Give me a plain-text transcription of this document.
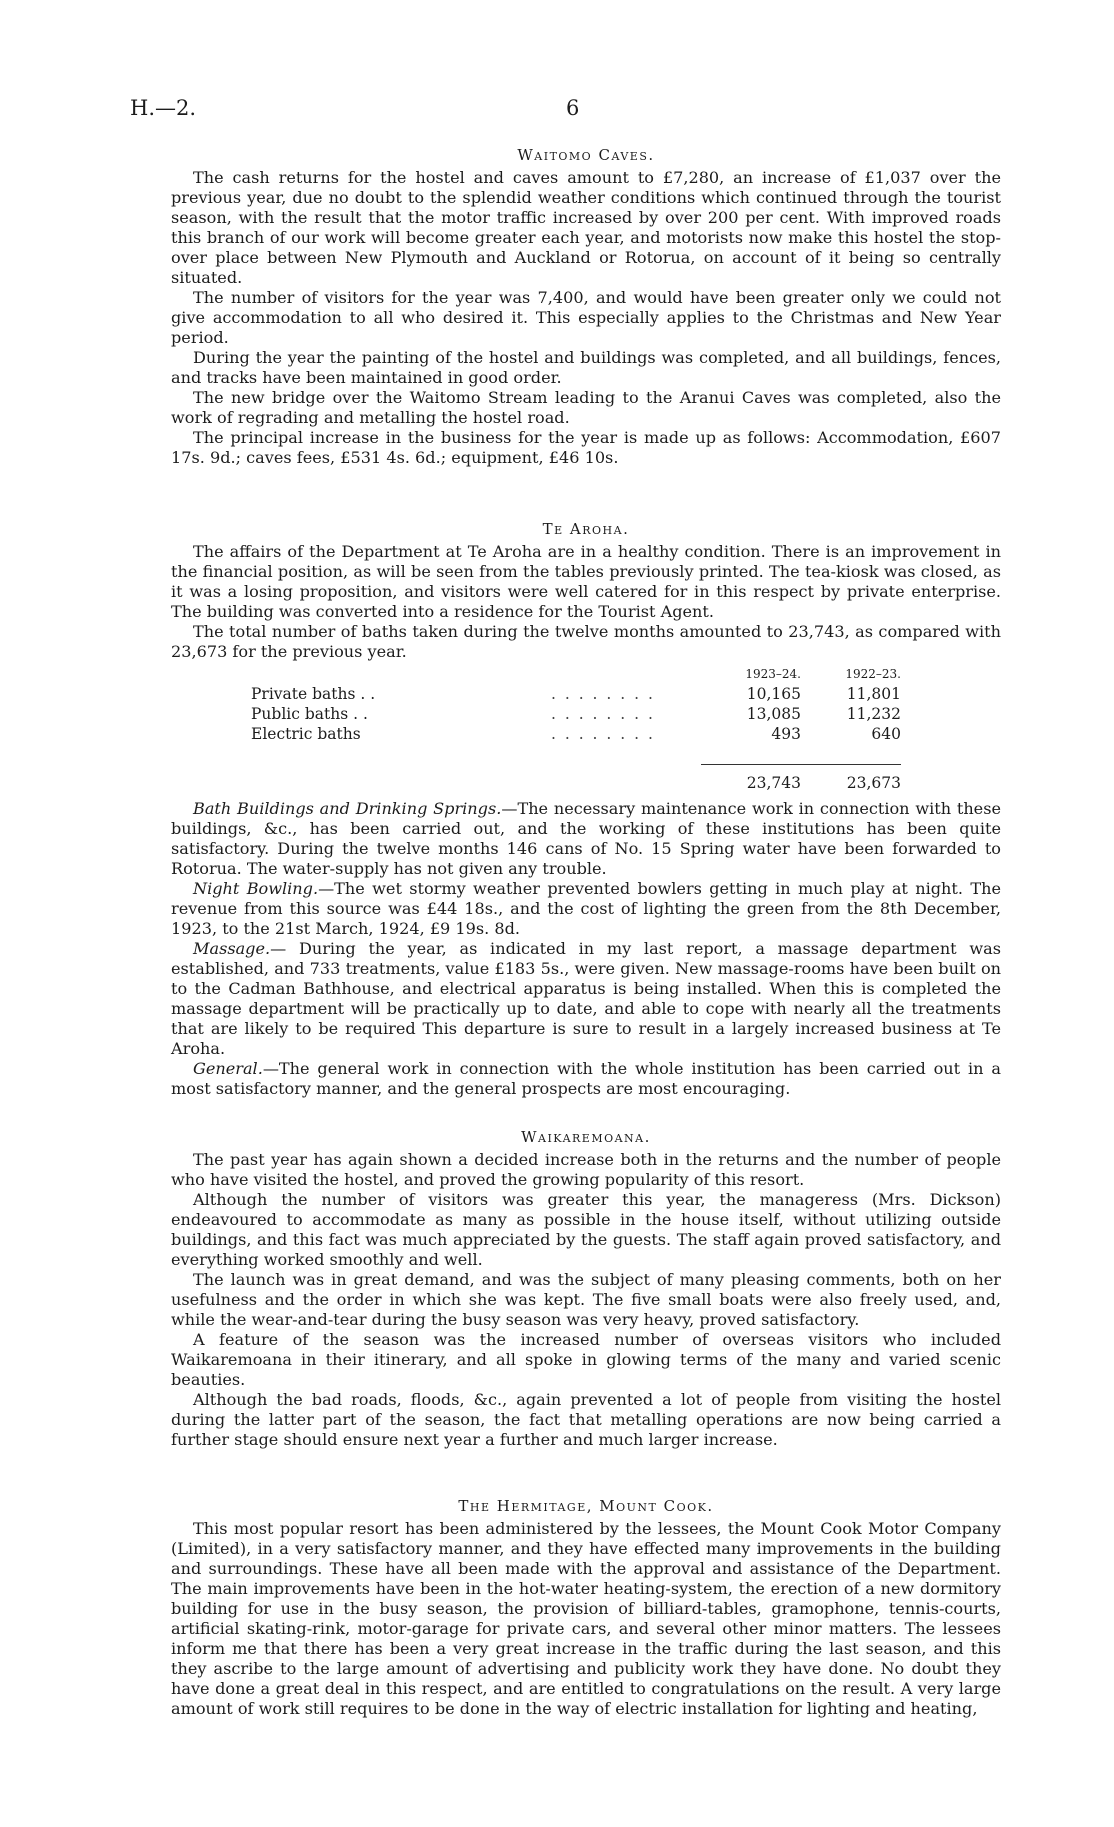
H.—2.	6
Waitomo Caves.

The cash returns for the hostel and caves amount to £7,280, an increase of £1,037 over the previous year, due no doubt to the splendid weather conditions which continued through the tourist season, with the result that the motor traffic increased by over 200 per cent. With improved roads this branch of our work will become greater each year, and motorists now make this hostel the stop-over place between New Plymouth and Auckland or Rotorua, on account of it being so centrally situated.

The number of visitors for the year was 7,400, and would have been greater only we could not give accommodation to all who desired it. This especially applies to the Christmas and New Year period.

During the year the painting of the hostel and buildings was completed, and all buildings, fences, and tracks have been maintained in good order.

The new bridge over the Waitomo Stream leading to the Aranui Caves was completed, also the work of regrading and metalling the hostel road.

The principal increase in the business for the year is made up as follows: Accommodation, £607 17s. 9d.; caves fees, £531 4s. 6d.; equipment, £46 10s.

Te Aroha.

The affairs of the Department at Te Aroha are in a healthy condition. There is an improvement in the financial position, as will be seen from the tables previously printed. The tea-kiosk was closed, as it was a losing proposition, and visitors were well catered for in this respect by private enterprise. The building was converted into a residence for the Tourist Agent.

The total number of baths taken during the twelve months amounted to 23,743, as compared with 23,673 for the previous year.

		1923–24.	1922–23.
Private baths . .	. . . . . . . .	10,165	11,801
Public baths . .	. . . . . . . .	13,085	11,232
Electric baths	. . . . . . . .	493	640

		23,743	23,673

Bath Buildings and Drinking Springs.—The necessary maintenance work in connection with these buildings, &c., has been carried out, and the working of these institutions has been quite satisfactory. During the twelve months 146 cans of No. 15 Spring water have been forwarded to Rotorua. The water-supply has not given any trouble.

Night Bowling.—The wet stormy weather prevented bowlers getting in much play at night. The revenue from this source was £44 18s., and the cost of lighting the green from the 8th December, 1923, to the 21st March, 1924, £9 19s. 8d.

Massage.— During the year, as indicated in my last report, a massage department was established, and 733 treatments, value £183 5s., were given. New massage-rooms have been built on to the Cadman Bathhouse, and electrical apparatus is being installed. When this is completed the massage department will be practically up to date, and able to cope with nearly all the treatments that are likely to be required This departure is sure to result in a largely increased business at Te Aroha.

General.—The general work in connection with the whole institution has been carried out in a most satisfactory manner, and the general prospects are most encouraging.

Waikaremoana.

The past year has again shown a decided increase both in the returns and the number of people who have visited the hostel, and proved the growing popularity of this resort.

Although the number of visitors was greater this year, the manageress (Mrs. Dickson) endeavoured to accommodate as many as possible in the house itself, without utilizing outside buildings, and this fact was much appreciated by the guests. The staff again proved satisfactory, and everything worked smoothly and well.

The launch was in great demand, and was the subject of many pleasing comments, both on her usefulness and the order in which she was kept. The five small boats were also freely used, and, while the wear-and-tear during the busy season was very heavy, proved satisfactory.

A feature of the season was the increased number of overseas visitors who included Waikaremoana in their itinerary, and all spoke in glowing terms of the many and varied scenic beauties.

Although the bad roads, floods, &c., again prevented a lot of people from visiting the hostel during the latter part of the season, the fact that metalling operations are now being carried a further stage should ensure next year a further and much larger increase.

The Hermitage, Mount Cook.

This most popular resort has been administered by the lessees, the Mount Cook Motor Company (Limited), in a very satisfactory manner, and they have effected many improvements in the building and surroundings. These have all been made with the approval and assistance of the Department. The main improvements have been in the hot-water heating-system, the erection of a new dormitory building for use in the busy season, the provision of billiard-tables, gramophone, tennis-courts, artificial skating-rink, motor-garage for private cars, and several other minor matters. The lessees inform me that there has been a very great increase in the traffic during the last season, and this they ascribe to the large amount of advertising and publicity work they have done. No doubt they have done a great deal in this respect, and are entitled to congratulations on the result. A very large amount of work still requires to be done in the way of electric installation for lighting and heating,
